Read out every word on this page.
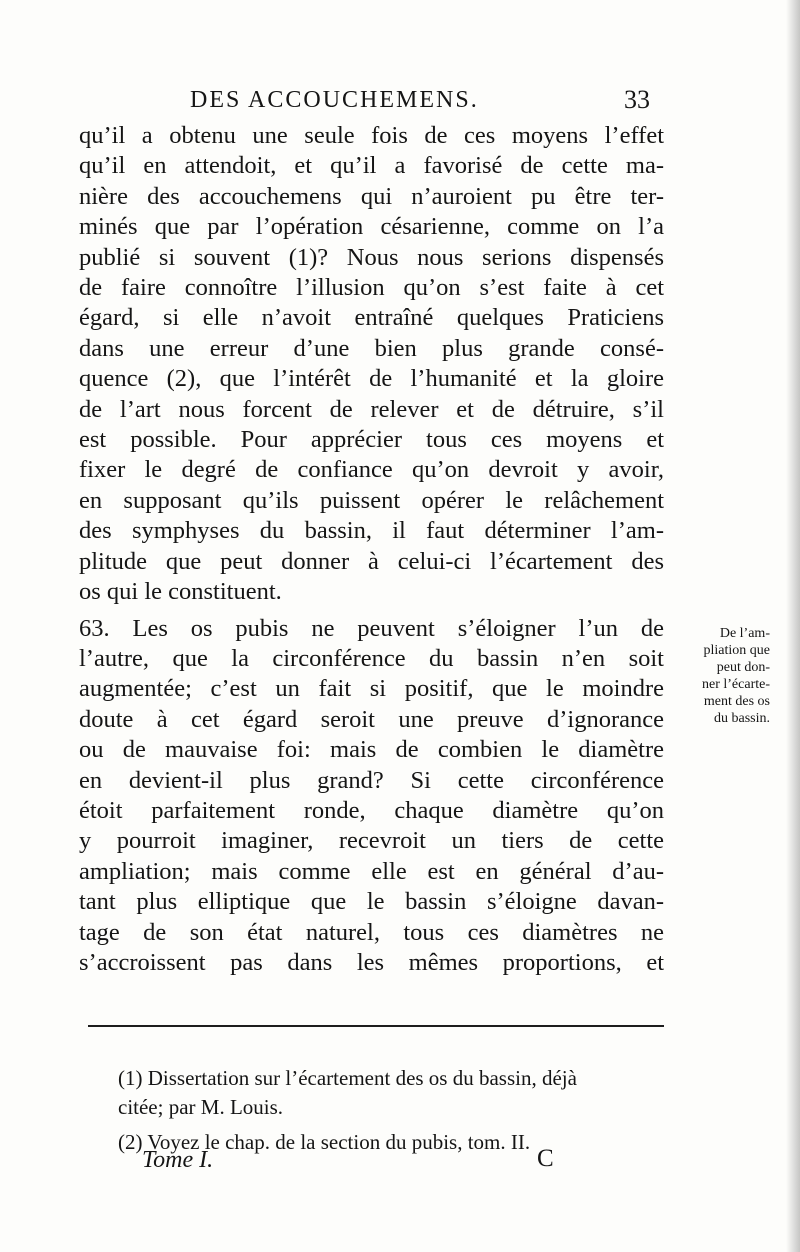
DES ACCOUCHEMENS.	33
qu’il a obtenu une seule fois de ces moyens l’effet
qu’il en attendoit, et qu’il a favorisé de cette ma-
nière des accouchemens qui n’auroient pu être ter-
minés que par l’opération césarienne, comme on l’a
publié si souvent (1)? Nous nous serions dispensés
de faire connoître l’illusion qu’on s’est faite à cet
égard, si elle n’avoit entraîné quelques Praticiens
dans une erreur d’une bien plus grande consé-
quence (2), que l’intérêt de l’humanité et la gloire
de l’art nous forcent de relever et de détruire, s’il
est possible. Pour apprécier tous ces moyens et
fixer le degré de confiance qu’on devroit y avoir,
en supposant qu’ils puissent opérer le relâchement
des symphyses du bassin, il faut déterminer l’am-
plitude que peut donner à celui-ci l’écartement des
os qui le constituent.
63. Les os pubis ne peuvent s’éloigner l’un de
l’autre, que la circonférence du bassin n’en soit
augmentée; c’est un fait si positif, que le moindre
doute à cet égard seroit une preuve d’ignorance
ou de mauvaise foi: mais de combien le diamètre
en devient-il plus grand? Si cette circonférence
étoit parfaitement ronde, chaque diamètre qu’on
y pourroit imaginer, recevroit un tiers de cette
ampliation; mais comme elle est en général d’au-
tant plus elliptique que le bassin s’éloigne davan-
tage de son état naturel, tous ces diamètres ne
s’accroissent pas dans les mêmes proportions, et
De l’am-
pliation que
peut don-
ner l’écarte-
ment des os
du bassin.
(1) Dissertation sur l’écartement des os du bassin, déjà
citée; par M. Louis.
(2) Voyez le chap. de la section du pubis, tom. II.
Tome I.	C
